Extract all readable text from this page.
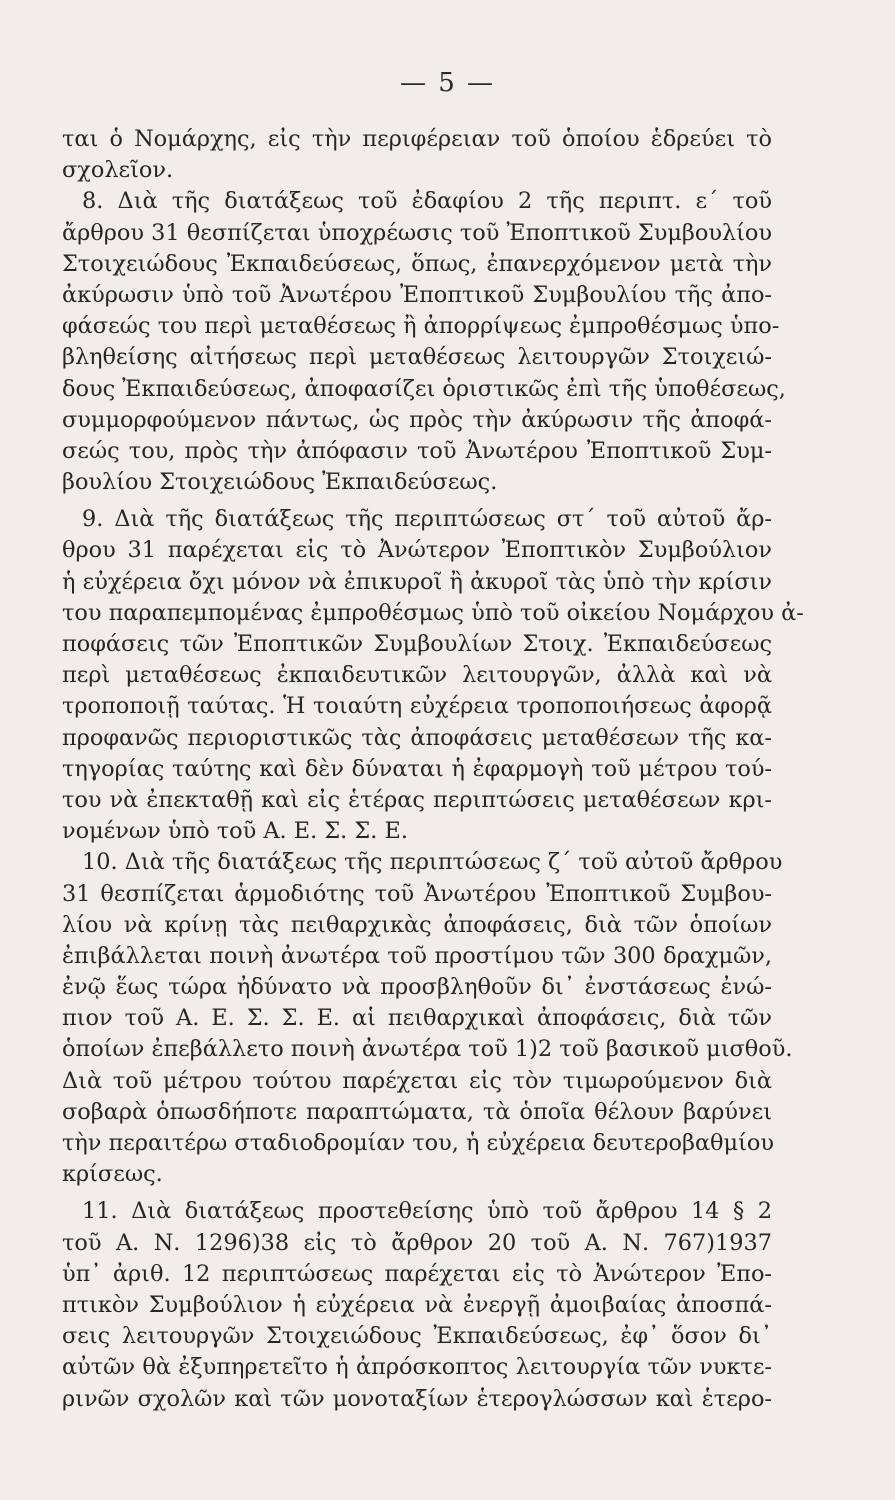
— 5 —
ται ὁ Νομάρχης, εἰς τὴν περιφέρειαν τοῦ ὁποίου ἑδρεύει τὸ
σχολεῖον.
8. Διὰ τῆς διατάξεως τοῦ ἐδαφίου 2 τῆς περιπτ. ε΄ τοῦ
ἄρθρου 31 θεσπίζεται ὑποχρέωσις τοῦ Ἐποπτικοῦ Συμβουλίου
Στοιχειώδους Ἐκπαιδεύσεως, ὅπως, ἐπανερχόμενον μετὰ τὴν
ἀκύρωσιν ὑπὸ τοῦ Ἀνωτέρου Ἐποπτικοῦ Συμβουλίου τῆς ἀπο-
φάσεώς του περὶ μεταθέσεως ἢ ἀπορρίψεως ἐμπροθέσμως ὑπο-
βληθείσης αἰτήσεως περὶ μεταθέσεως λειτουργῶν Στοιχειώ-
δους Ἐκπαιδεύσεως, ἀποφασίζει ὁριστικῶς ἐπὶ τῆς ὑποθέσεως,
συμμορφούμενον πάντως, ὡς πρὸς τὴν ἀκύρωσιν τῆς ἀποφά-
σεώς του, πρὸς τὴν ἀπόφασιν τοῦ Ἀνωτέρου Ἐποπτικοῦ Συμ-
βουλίου Στοιχειώδους Ἐκπαιδεύσεως.
9. Διὰ τῆς διατάξεως τῆς περιπτώσεως στ΄ τοῦ αὐτοῦ ἄρ-
θρου 31 παρέχεται εἰς τὸ Ἀνώτερον Ἐποπτικὸν Συμβούλιον
ἡ εὐχέρεια ὄχι μόνον νὰ ἐπικυροῖ ἢ ἀκυροῖ τὰς ὑπὸ τὴν κρίσιν
του παραπεμπομένας ἐμπροθέσμως ὑπὸ τοῦ οἰκείου Νομάρχου ἀ-
ποφάσεις τῶν Ἐποπτικῶν Συμβουλίων Στοιχ. Ἐκπαιδεύσεως
περὶ μεταθέσεως ἐκπαιδευτικῶν λειτουργῶν, ἀλλὰ καὶ νὰ
τροποποιῇ ταύτας. Ἡ τοιαύτη εὐχέρεια τροποποιήσεως ἀφορᾷ
προφανῶς περιοριστικῶς τὰς ἀποφάσεις μεταθέσεων τῆς κα-
τηγορίας ταύτης καὶ δὲν δύναται ἡ ἐφαρμογὴ τοῦ μέτρου τού-
του νὰ ἐπεκταθῇ καὶ εἰς ἑτέρας περιπτώσεις μεταθέσεων κρι-
νομένων ὑπὸ τοῦ Α. Ε. Σ. Σ. Ε.
10. Διὰ τῆς διατάξεως τῆς περιπτώσεως ζ΄ τοῦ αὐτοῦ ἄρθρου
31 θεσπίζεται ἁρμοδιότης τοῦ Ἀνωτέρου Ἐποπτικοῦ Συμβου-
λίου νὰ κρίνῃ τὰς πειθαρχικὰς ἀποφάσεις, διὰ τῶν ὁποίων
ἐπιβάλλεται ποινὴ ἀνωτέρα τοῦ προστίμου τῶν 300 δραχμῶν,
ἐνῷ ἕως τώρα ἠδύνατο νὰ προσβληθοῦν δι᾽ ἐνστάσεως ἐνώ-
πιον τοῦ Α. Ε. Σ. Σ. Ε. αἱ πειθαρχικαὶ ἀποφάσεις, διὰ τῶν
ὁποίων ἐπεβάλλετο ποινὴ ἀνωτέρα τοῦ 1)2 τοῦ βασικοῦ μισθοῦ.
Διὰ τοῦ μέτρου τούτου παρέχεται εἰς τὸν τιμωρούμενον διὰ
σοβαρὰ ὁπωσδήποτε παραπτώματα, τὰ ὁποῖα θέλουν βαρύνει
τὴν περαιτέρω σταδιοδρομίαν του, ἡ εὐχέρεια δευτεροβαθμίου
κρίσεως.
11. Διὰ διατάξεως προστεθείσης ὑπὸ τοῦ ἄρθρου 14 § 2
τοῦ Α. Ν. 1296)38 εἰς τὸ ἄρθρον 20 τοῦ Α. Ν. 767)1937
ὑπ᾽ ἀριθ. 12 περιπτώσεως παρέχεται εἰς τὸ Ἀνώτερον Ἐπο-
πτικὸν Συμβούλιον ἡ εὐχέρεια νὰ ἐνεργῇ ἀμοιβαίας ἀποσπά-
σεις λειτουργῶν Στοιχειώδους Ἐκπαιδεύσεως, ἐφ᾽ ὅσον δι᾽
αὐτῶν θὰ ἐξυπηρετεῖτο ἡ ἀπρόσκοπτος λειτουργία τῶν νυκτε-
ρινῶν σχολῶν καὶ τῶν μονοταξίων ἑτερογλώσσων καὶ ἑτερο-
